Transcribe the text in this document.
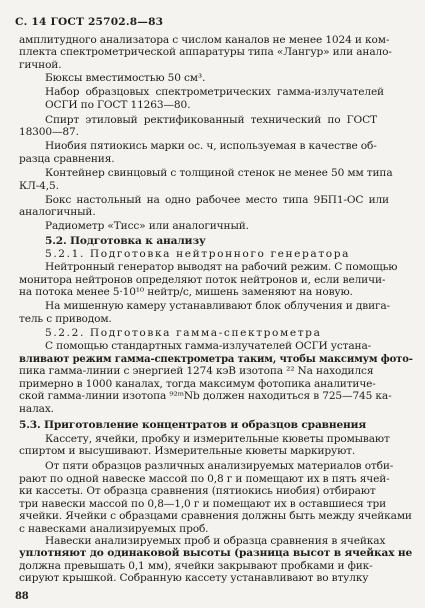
С. 14 ГОСТ 25702.8—83
амплитудного анализатора с числом каналов не менее 1024 и ком-
плекта спектрометрической аппаратуры типа «Лангур» или анало-
гичной.
Бюксы вместимостью 50 см³.
Набор образцовых спектрометрических гамма-излучателей
ОСГИ по ГОСТ 11263—80.
Спирт этиловый ректификованный технический по ГОСТ
18300—87.
Ниобия пятиокись марки ос. ч, используемая в качестве об-
разца сравнения.
Контейнер свинцовый с толщиной стенок не менее 50 мм типа
КЛ-4,5.
Бокс настольный на одно рабочее место типа 9БП1-ОС или
аналогичный.
Радиометр «Тисс» или аналогичный.
5.2. Подготовка к анализу
5.2.1. Подготовка нейтронного генератора
Нейтронный генератор выводят на рабочий режим. С помощью
монитора нейтронов определяют поток нейтронов и, если величи-
на потока менее 5·10¹⁰ нейтр/с, мишень заменяют на новую.
На мишенную камеру устанавливают блок облучения и двига-
тель с приводом.
5.2.2. Подготовка гамма-спектрометра
С помощью стандартных гамма-излучателей ОСГИ устана-
вливают режим гамма-спектрометра таким, чтобы максимум фото-
пика гамма-линии с энергией 1274 кэВ изотопа ²² Na находился
примерно в 1000 каналах, тогда максимум фотопика аналитиче-
ской гамма-линии изотопа ⁹²ᵐNb должен находиться в 725—745 ка-
налах.
5.3. Приготовление концентратов и образцов сравнения
Кассету, ячейки, пробку и измерительные кюветы промывают
спиртом и высушивают. Измерительные кюветы маркируют.
От пяти образцов различных анализируемых материалов отби-
рают по одной навеске массой по 0,8 г и помещают их в пять ячей-
ки кассеты. От образца сравнения (пятиокись ниобия) отбирают
три навески массой по 0,8—1,0 г и помещают их в оставшиеся три
ячейки. Ячейки с образцами сравнения должны быть между ячейками
с навесками анализируемых проб.
Навески анализируемых проб и образца сравнения в ячейках
уплотняют до одинаковой высоты (разница высот в ячейках не
должна превышать 0,1 мм), ячейки закрывают пробками и фик-
сируют крышкой. Собранную кассету устанавливают во втулку
88
